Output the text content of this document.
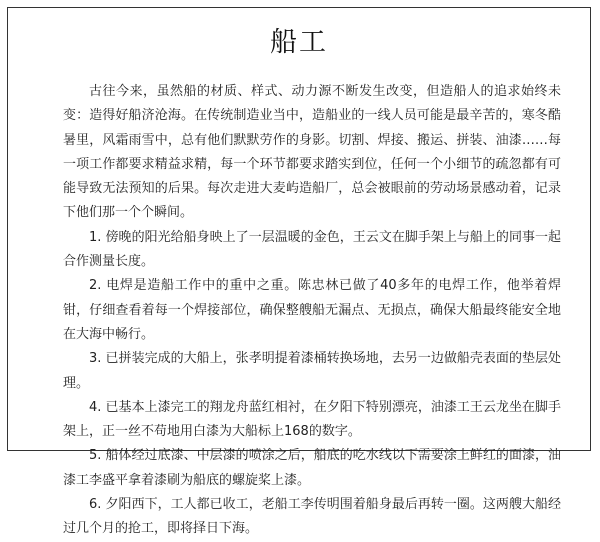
船工

古往今来，虽然船的材质、样式、动力源不断发生改变，但造船人的追求始终未变：造得好船济沧海。在传统制造业当中，造船业的一线人员可能是最辛苦的，寒冬酷暑里，风霜雨雪中，总有他们默默劳作的身影。切割、焊接、搬运、拼装、油漆……每一项工作都要求精益求精，每一个环节都要求踏实到位，任何一个小细节的疏忽都有可能导致无法预知的后果。每次走进大麦屿造船厂，总会被眼前的劳动场景感动着，记录下他们那一个个瞬间。

1. 傍晚的阳光给船身映上了一层温暖的金色，王云文在脚手架上与船上的同事一起合作测量长度。

2. 电焊是造船工作中的重中之重。陈忠林已做了40多年的电焊工作，他举着焊钳，仔细查看着每一个焊接部位，确保整艘船无漏点、无损点，确保大船最终能安全地在大海中畅行。

3. 已拼装完成的大船上，张孝明提着漆桶转换场地，去另一边做船壳表面的垫层处理。

4. 已基本上漆完工的翔龙舟蓝红相衬，在夕阳下特别漂亮，油漆工王云龙坐在脚手架上，正一丝不苟地用白漆为大船标上168的数字。

5. 船体经过底漆、中层漆的喷涂之后，船底的吃水线以下需要涂上鲜红的面漆，油漆工李盛平拿着漆刷为船底的螺旋桨上漆。

6. 夕阳西下，工人都已收工，老船工李传明围着船身最后再转一圈。这两艘大船经过几个月的抢工，即将择日下海。
